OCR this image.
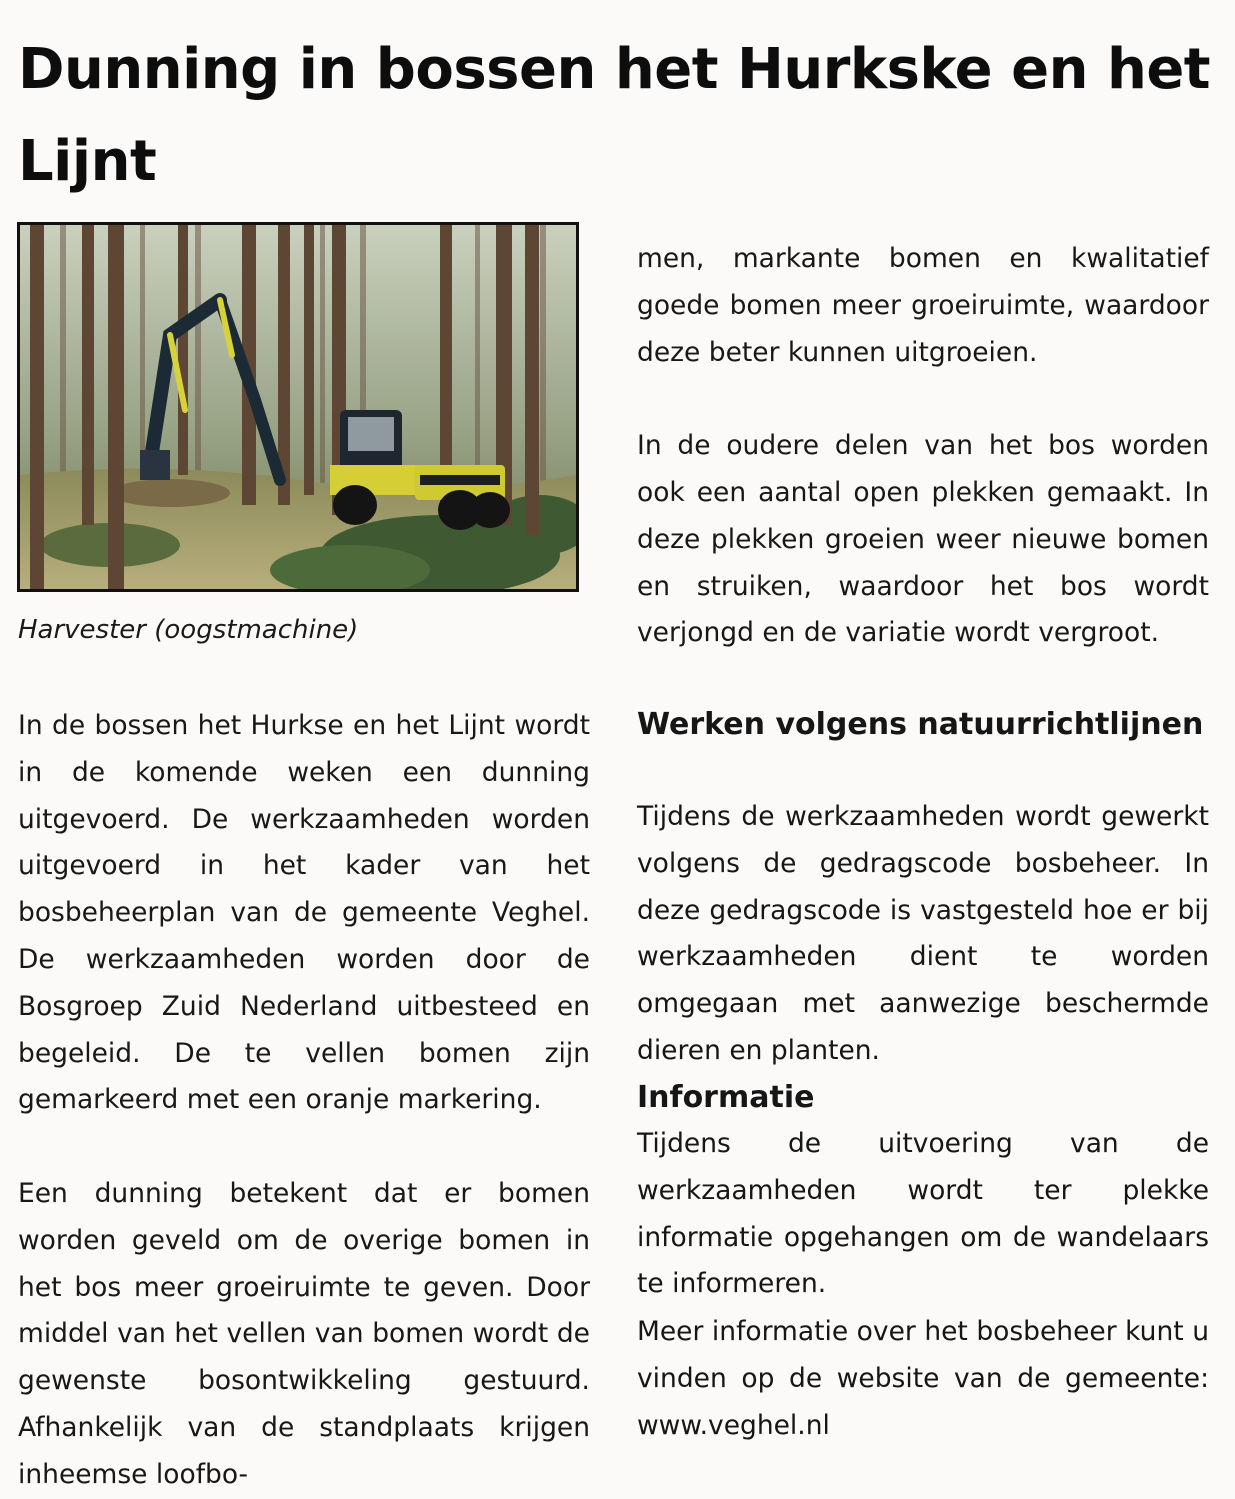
Dunning in bossen het Hurkske en het Lijnt
Harvester (oogstmachine)

In de bossen het Hurkse en het Lijnt wordt in de komende weken een dunning uitgevoerd. De werkzaamheden worden uitgevoerd in het kader van het bosbeheerplan van de gemeente Veghel. De werkzaamheden worden door de Bosgroep Zuid Nederland uitbesteed en begeleid. De te vellen bomen zijn gemarkeerd met een oranje markering.

Een dunning betekent dat er bomen worden geveld om de overige bomen in het bos meer groeiruimte te geven. Door middel van het vellen van bomen wordt de gewenste bosontwikkeling gestuurd. Afhankelijk van de standplaats krijgen inheemse loofbo-

men, markante bomen en kwalitatief goede bomen meer groeiruimte, waardoor deze beter kunnen uitgroeien.

In de oudere delen van het bos worden ook een aantal open plekken gemaakt. In deze plekken groeien weer nieuwe bomen en struiken, waardoor het bos wordt verjongd en de variatie wordt vergroot.

Werken volgens natuurrichtlijnen

Tijdens de werkzaamheden wordt gewerkt volgens de gedragscode bosbeheer. In deze gedragscode is vastgesteld hoe er bij werkzaamheden dient te worden omgegaan met aanwezige beschermde dieren en planten.

Informatie

Tijdens de uitvoering van de werkzaamheden wordt ter plekke informatie opgehangen om de wandelaars te informeren.

Meer informatie over het bosbeheer kunt u vinden op de website van de gemeente: www.veghel.nl
